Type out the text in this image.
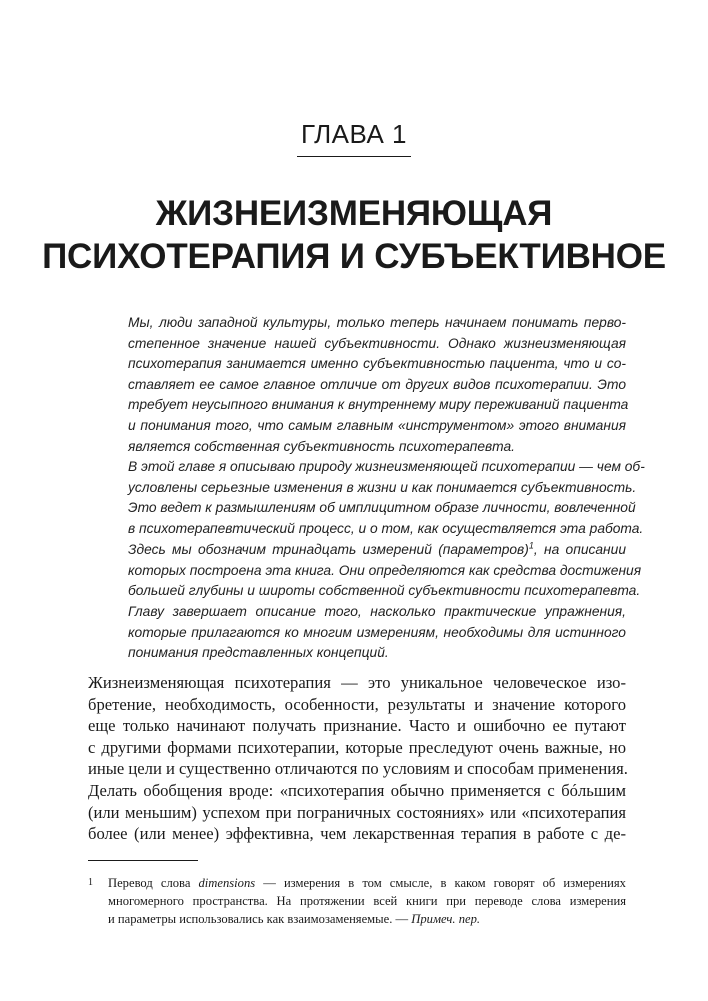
ГЛАВА 1
ЖИЗНЕИЗМЕНЯЮЩАЯ
ПСИХОТЕРАПИЯ И СУБЪЕКТИВНОЕ
Мы, люди западной культуры, только теперь начинаем понимать перво-
степенное значение нашей субъективности. Однако жизнеизменяющая
психотерапия занимается именно субъективностью пациента, что и со-
ставляет ее самое главное отличие от других видов психотерапии. Это
требует неусыпного внимания к внутреннему миру переживаний пациента
и понимания того, что самым главным «инструментом» этого внимания
является собственная субъективность психотерапевта.
В этой главе я описываю природу жизнеизменяющей психотерапии — чем об-
условлены серьезные изменения в жизни и как понимается субъективность.
Это ведет к размышлениям об имплицитном образе личности, вовлеченной
в психотерапевтический процесс, и о том, как осуществляется эта работа.
Здесь мы обозначим тринадцать измерений (параметров)$^1$, на описании
которых построена эта книга. Они определяются как средства достижения
большей глубины и широты собственной субъективности психотерапевта.
Главу завершает описание того, насколько практические упражнения,
которые прилагаются ко многим измерениям, необходимы для истинного
понимания представленных концепций.
Жизнеизменяющая психотерапия — это уникальное человеческое изо-
бретение, необходимость, особенности, результаты и значение которого
еще только начинают получать признание. Часто и ошибочно ее путают
с другими формами психотерапии, которые преследуют очень важные, но
иные цели и существенно отличаются по условиям и способам применения.
Делать обобщения вроде: «психотерапия обычно применяется с бóльшим
(или меньшим) успехом при пограничных состояниях» или «психотерапия
более (или менее) эффективна, чем лекарственная терапия в работе с де-
1 Перевод слова dimensions — измерения в том смысле, в каком говорят об измерениях
многомерного пространства. На протяжении всей книги при переводе слова измерения
и параметры использовались как взаимозаменяемые. — Примеч. пер.
